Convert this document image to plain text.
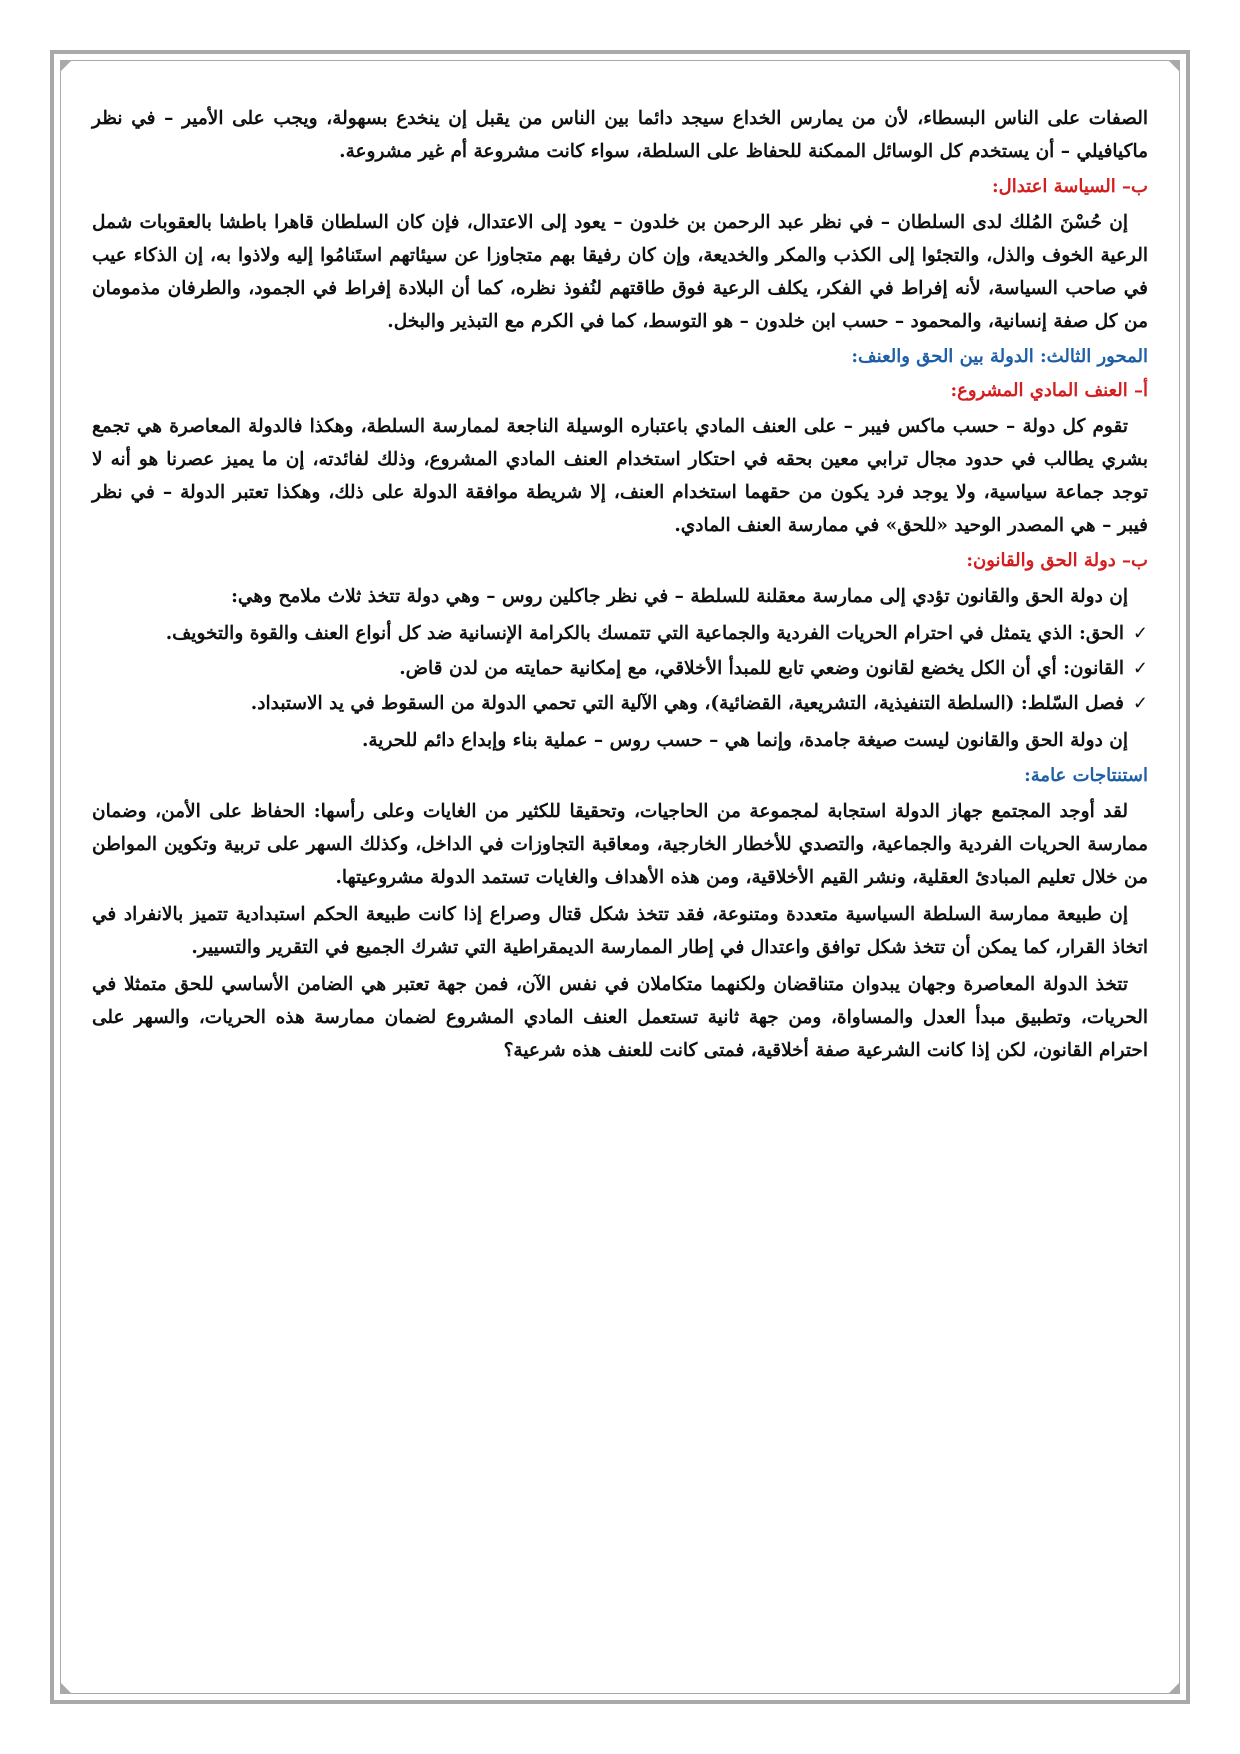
الصفات على الناس البسطاء، لأن من يمارس الخداع سيجد دائما بين الناس من يقبل إن ينخدع بسهولة، ويجب على الأمير – في نظر ماكيافيلي – أن يستخدم كل الوسائل الممكنة للحفاظ على السلطة، سواء كانت مشروعة أم غير مشروعة.

ب– السياسة اعتدال:

إن حُسْنَ المُلك لدى السلطان – في نظر عبد الرحمن بن خلدون – يعود إلى الاعتدال، فإن كان السلطان قاهرا باطشا بالعقوبات شمل الرعية الخوف والذل، والتجئوا إلى الكذب والمكر والخديعة، وإن كان رفيقا بهم متجاوزا عن سيئاتهم استَنامُوا إليه ولاذوا به، إن الذكاء عيب في صاحب السياسة، لأنه إفراط في الفكر، يكلف الرعية فوق طاقتهم لنُفوذ نظره، كما أن البلادة إفراط في الجمود، والطرفان مذمومان من كل صفة إنسانية، والمحمود – حسب ابن خلدون – هو التوسط، كما في الكرم مع التبذير والبخل.

المحور الثالث: الدولة بين الحق والعنف:
أ– العنف المادي المشروع:

تقوم كل دولة – حسب ماكس فيبر – على العنف المادي باعتباره الوسيلة الناجعة لممارسة السلطة، وهكذا فالدولة المعاصرة هي تجمع بشري يطالب في حدود مجال ترابي معين بحقه في احتكار استخدام العنف المادي المشروع، وذلك لفائدته، إن ما يميز عصرنا هو أنه لا توجد جماعة سياسية، ولا يوجد فرد يكون من حقهما استخدام العنف، إلا شريطة موافقة الدولة على ذلك، وهكذا تعتبر الدولة – في نظر فيبر – هي المصدر الوحيد «للحق» في ممارسة العنف المادي.

ب– دولة الحق والقانون:

إن دولة الحق والقانون تؤدي إلى ممارسة معقلنة للسلطة – في نظر جاكلين روس – وهي دولة تتخذ ثلاث ملامح وهي:

✓
الحق: الذي يتمثل في احترام الحريات الفردية والجماعية التي تتمسك بالكرامة الإنسانية ضد كل أنواع العنف والقوة والتخويف.
✓
القانون: أي أن الكل يخضع لقانون وضعي تابع للمبدأ الأخلاقي، مع إمكانية حمايته من لدن قاض.
✓
فصل السّلط: (السلطة التنفيذية، التشريعية، القضائية)، وهي الآلية التي تحمي الدولة من السقوط في يد الاستبداد.

إن دولة الحق والقانون ليست صيغة جامدة، وإنما هي – حسب روس – عملية بناء وإبداع دائم للحرية.

استنتاجات عامة:

لقد أوجد المجتمع جهاز الدولة استجابة لمجموعة من الحاجيات، وتحقيقا للكثير من الغايات وعلى رأسها: الحفاظ على الأمن، وضمان ممارسة الحريات الفردية والجماعية، والتصدي للأخطار الخارجية، ومعاقبة التجاوزات في الداخل، وكذلك السهر على تربية وتكوين المواطن من خلال تعليم المبادئ العقلية، ونشر القيم الأخلاقية، ومن هذه الأهداف والغايات تستمد الدولة مشروعيتها.

إن طبيعة ممارسة السلطة السياسية متعددة ومتنوعة، فقد تتخذ شكل قتال وصراع إذا كانت طبيعة الحكم استبدادية تتميز بالانفراد في اتخاذ القرار، كما يمكن أن تتخذ شكل توافق واعتدال في إطار الممارسة الديمقراطية التي تشرك الجميع في التقرير والتسيير.

تتخذ الدولة المعاصرة وجهان يبدوان متناقضان ولكنهما متكاملان في نفس الآن، فمن جهة تعتبر هي الضامن الأساسي للحق متمثلا في الحريات، وتطبيق مبدأ العدل والمساواة، ومن جهة ثانية تستعمل العنف المادي المشروع لضمان ممارسة هذه الحريات، والسهر على احترام القانون، لكن إذا كانت الشرعية صفة أخلاقية، فمتى كانت للعنف هذه شرعية؟
